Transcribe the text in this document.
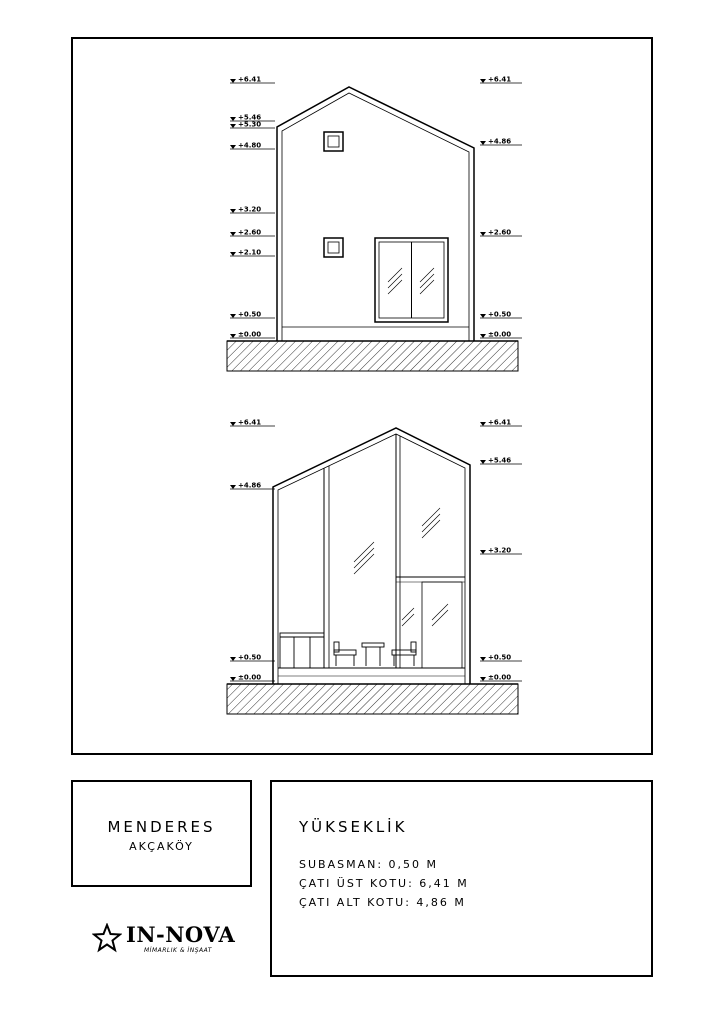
+6.41
+5.46
+5.30
+4.80
+3.20
+2.60
+2.10
+0.50
±0.00
+6.41
+4.86
+2.60
+0.50
±0.00
+6.41
+4.86
+0.50
±0.00
+6.41
+5.46
+3.20
+0.50
±0.00
MENDERES
AKÇAKÖY
YÜKSEKLİK
SUBASMAN: 0,50 M
ÇATI ÜST KOTU: 6,41 M
ÇATI ALT KOTU: 4,86 M
IN-NOVA
MİMARLIK & İNŞAAT
